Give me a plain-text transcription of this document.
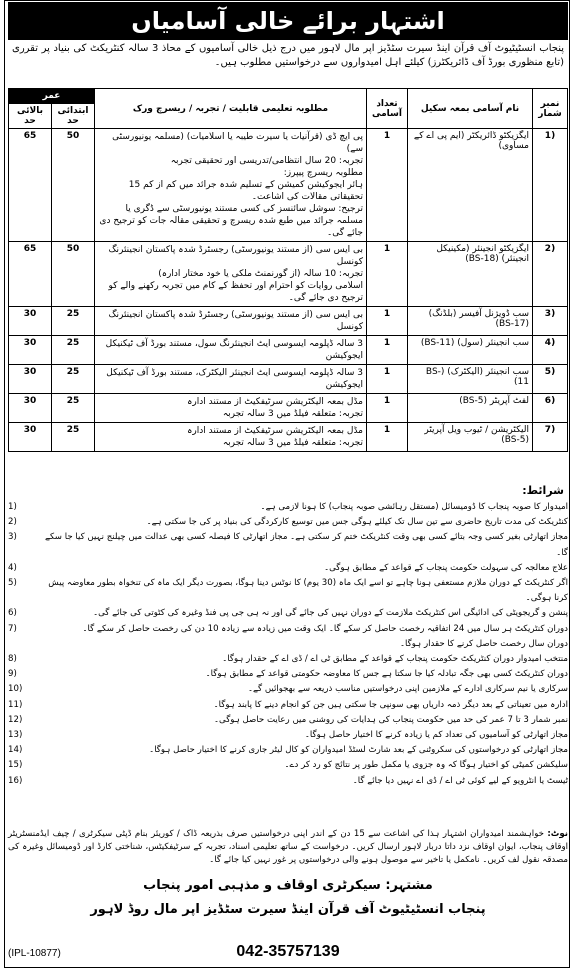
اشتہار برائے خالی آسامیاں
پنجاب انسٹیٹیوٹ آف قرآن اینڈ سیرت سٹڈیز اپر مال لاہور میں درج ذیل خالی آسامیوں کے محاذ 3 سالہ کنٹریکٹ کی بنیاد پر تقرری (تابع منظوری بورڈ آف ڈائریکٹرز) کیلئے اہل امیدواروں سے درخواستیں مطلوب ہیں۔
نمبر شمار	نام آسامی بمعہ سکیل	تعداد آسامی	مطلوبہ تعلیمی قابلیت / تجربہ / ریسرچ ورک	عمر	
				ابتدائی حد	بالائی حد
(1	ایگزیکٹو ڈائریکٹر (ایم پی اے کے مساوی)	1	پی ایچ ڈی (قرآنیات یا سیرت طیبہ یا اسلامیات) (مسلمہ یونیورسٹی سے)
تجربہ: 20 سال انتظامی/تدریسی اور تحقیقی تجربہ
مطلوبہ ریسرچ پیپرز:
ہائر ایجوکیشن کمیشن کے تسلیم شدہ جرائد میں کم از کم 15 تحقیقاتی مقالات کی اشاعت۔
ترجیح: سوشل سائنسز کی کسی مستند یونیورسٹی سے ڈگری یا مسلمہ جرائد میں طبع شدہ ریسرچ و تحقیقی مقالہ جات کو ترجیح دی جائے گی۔	50	65
(2	ایگزیکٹو انجینئر (مکینیکل انجینئر) (BS-18)	1	بی ایس سی (از مستند یونیورسٹی) رجسٹرڈ شدہ پاکستان انجینئرنگ کونسل
تجربہ: 10 سالہ (از گورنمنٹ ملکی یا خود مختار ادارہ)
اسلامی روایات کو احترام اور تحفظ کے کام میں تجربہ رکھنے والے کو ترجیح دی جائے گی۔	50	65
(3	سب ڈویژنل آفیسر (بلڈنگ) (BS-17)	1	بی ایس سی (از مستند یونیورسٹی) رجسٹرڈ شدہ پاکستان انجینئرنگ کونسل	25	30
(4	سب انجینئر (سول) (BS-11)	1	3 سالہ ڈپلومہ ایسوسی ایٹ انجینئرنگ سول، مستند بورڈ آف ٹیکنیکل ایجوکیشن	25	30
(5	سب انجینئر (الیکٹرک) (BS-11)	1	3 سالہ ڈپلومہ ایسوسی ایٹ انجینئر الیکٹرک، مستند بورڈ آف ٹیکنیکل ایجوکیشن	25	30
(6	لفٹ آپریٹر (BS-5)	1	مڈل بمعہ الیکٹریشن سرٹیفکیٹ از مستند ادارہ
تجربہ: متعلقہ فیلڈ میں 3 سالہ تجربہ	25	30
(7	الیکٹریشن / ٹیوب ویل آپریٹر (BS-5)	1	مڈل بمعہ الیکٹریشن سرٹیفکیٹ از مستند ادارہ
تجربہ: متعلقہ فیلڈ میں 3 سالہ تجربہ	25	30
شرائط:
امیدوار کا صوبہ پنجاب کا ڈومیسائل (مستقل رہائشی صوبہ پنجاب) کا ہونا لازمی ہے۔
(1
کنٹریکٹ کی مدت تاریخ حاضری سے تین سال تک کیلئے ہوگی جس میں توسیع کارکردگی کی بنیاد پر کی جا سکتی ہے۔
(2
مجاز اتھارٹی بغیر کسی وجہ بتائے کسی بھی وقت کنٹریکٹ ختم کر سکتی ہے۔ مجاز اتھارٹی کا فیصلہ کسی بھی عدالت میں چیلنج نہیں کیا جا سکے گا۔
(3
علاج معالجہ کی سہولت حکومت پنجاب کے قواعد کے مطابق ہوگی۔
(4
اگر کنٹریکٹ کے دوران ملازم مستعفی ہونا چاہے تو اسے ایک ماہ (30 یوم) کا نوٹس دینا ہوگا، بصورت دیگر ایک ماہ کی تنخواہ بطور معاوضہ پیش کرنا ہوگی۔
(5
پنشن و گریجویٹی کی ادائیگی اس کنٹریکٹ ملازمت کے دوران نہیں کی جائے گی اور نہ ہی جی پی فنڈ وغیرہ کی کٹوتی کی جائے گی۔
(6
دوران کنٹریکٹ ہر سال میں 24 اتفاقیہ رخصت حاصل کر سکے گا۔ ایک وقت میں زیادہ سے زیادہ 10 دن کی رخصت حاصل کر سکے گا۔
(7
دوران سال رخصت حاصل کرنے کا حقدار ہوگا۔
منتخب امیدوار دوران کنٹریکٹ حکومت پنجاب کے قواعد کے مطابق ٹی اے / ڈی اے کے حقدار ہوگا۔
(8
دوران کنٹریکٹ کسی بھی جگہ تبادلہ کیا جا سکتا ہے جس کا معاوضہ حکومتی قواعد کے مطابق ہوگا۔
(9
سرکاری یا نیم سرکاری ادارے کے ملازمین اپنی درخواستیں مناسب ذریعہ سے بھجوائیں گے۔
(10
ادارہ میں تعیناتی کے بعد دیگر ذمہ داریاں بھی سونپی جا سکتی ہیں جن کو انجام دینے کا پابند ہوگا۔
(11
نمبر شمار 3 تا 7 عمر کی حد میں حکومت پنجاب کی ہدایات کی روشنی میں رعایت حاصل ہوگی۔
(12
مجاز اتھارٹی کو آسامیوں کی تعداد کم یا زیادہ کرنے کا اختیار حاصل ہوگا۔
(13
مجاز اتھارٹی کو درخواستوں کی سکروٹنی کے بعد شارٹ لسٹڈ امیدواران کو کال لیٹر جاری کرنے کا اختیار حاصل ہوگا۔
(14
سلیکشن کمیٹی کو اختیار ہوگا کہ وہ جزوی یا مکمل طور پر نتائج کو رد کر دے۔
(15
ٹیسٹ یا انٹرویو کے لیے کوئی ٹی اے / ڈی اے نہیں دیا جائے گا۔
(16
نوٹ: خواہشمند امیدواران اشتہار ہذا کی اشاعت سے 15 دن کے اندر اپنی درخواستیں صرف بذریعہ ڈاک / کوریئر بنام ڈپٹی سیکرٹری / چیف ایڈمنسٹریٹر اوقاف پنجاب، ایوان اوقاف نزد داتا دربار لاہور ارسال کریں۔ درخواست کے ساتھ تعلیمی اسناد، تجربہ کے سرٹیفکیٹس، شناختی کارڈ اور ڈومیسائل وغیرہ کی مصدقہ نقول لف کریں۔ نامکمل یا تاخیر سے موصول ہونے والی درخواستوں پر غور نہیں کیا جائے گا۔
مشتہر: سیکرٹری اوقاف و مذہبی امور پنجاب
پنجاب انسٹیٹیوٹ آف قرآن اینڈ سیرت سٹڈیز اپر مال روڈ لاہور
042-35757139
(IPL-10877)
